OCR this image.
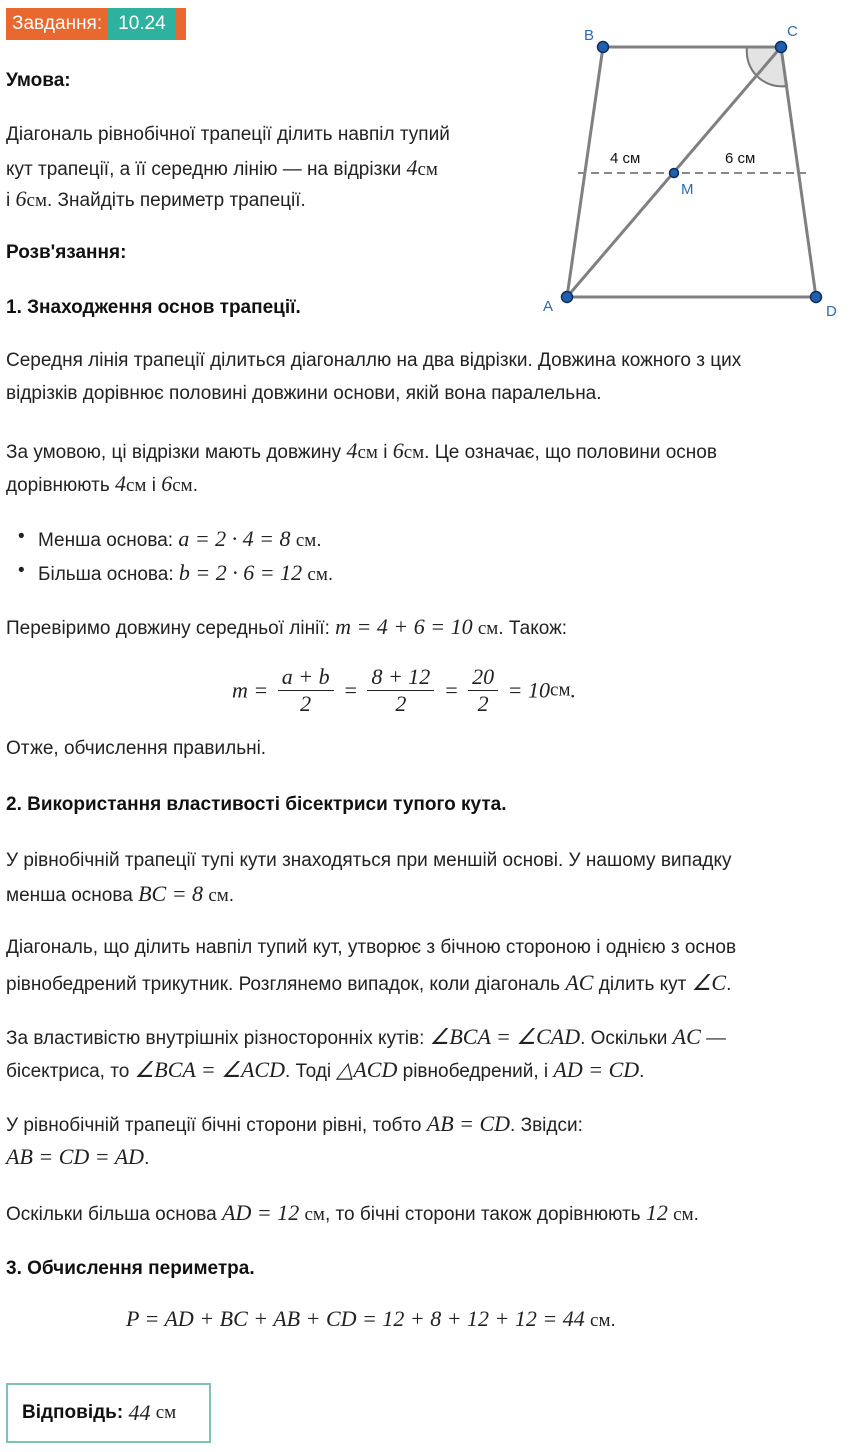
Завдання: 10.24
A
B	C
D
M
4 см	6 см
Умова:
Діагональ рівнобічної трапеції ділить навпіл тупий
кут трапеції, а її середню лінію — на відрізки 4см
і 6см. Знайдіть периметр трапеції.
Розв'язання:
1. Знаходження основ трапеції.
Середня лінія трапеції ділиться діагоналлю на два відрізки. Довжина кожного з цих
відрізків дорівнює половині довжини основи, якій вона паралельна.
За умовою, ці відрізки мають довжину 4см і 6см. Це означає, що половини основ
дорівнюють 4см і 6см.
• Менша основа: a = 2 · 4 = 8 см.
• Більша основа: b = 2 · 6 = 12 см.
Перевіримо довжину середньої лінії: m = 4 + 6 = 10 см. Також:
$m = \frac{a + b}{2} = \frac{8 + 12}{2} = \frac{20}{2} = 10см$.
Отже, обчислення правильні.
2. Використання властивості бісектриси тупого кута.
У рівнобічній трапеції тупі кути знаходяться при меншій основі. У нашому випадку
менша основа BC = 8 см.
Діагональ, що ділить навпіл тупий кут, утворює з бічною стороною і однією з основ
рівнобедрений трикутник. Розглянемо випадок, коли діагональ AC ділить кут ∠C.
За властивістю внутрішніх різносторонніх кутів: ∠BCA = ∠CAD. Оскільки AC —
бісектриса, то ∠BCA = ∠ACD. Тоді △ACD рівнобедрений, і AD = CD.
У рівнобічній трапеції бічні сторони рівні, тобто AB = CD. Звідси:
AB = CD = AD.
Оскільки більша основа AD = 12 см, то бічні сторони також дорівнюють 12 см.
3. Обчислення периметра.
P = AD + BC + AB + CD = 12 + 8 + 12 + 12 = 44 см.
Відповідь:
44
см
